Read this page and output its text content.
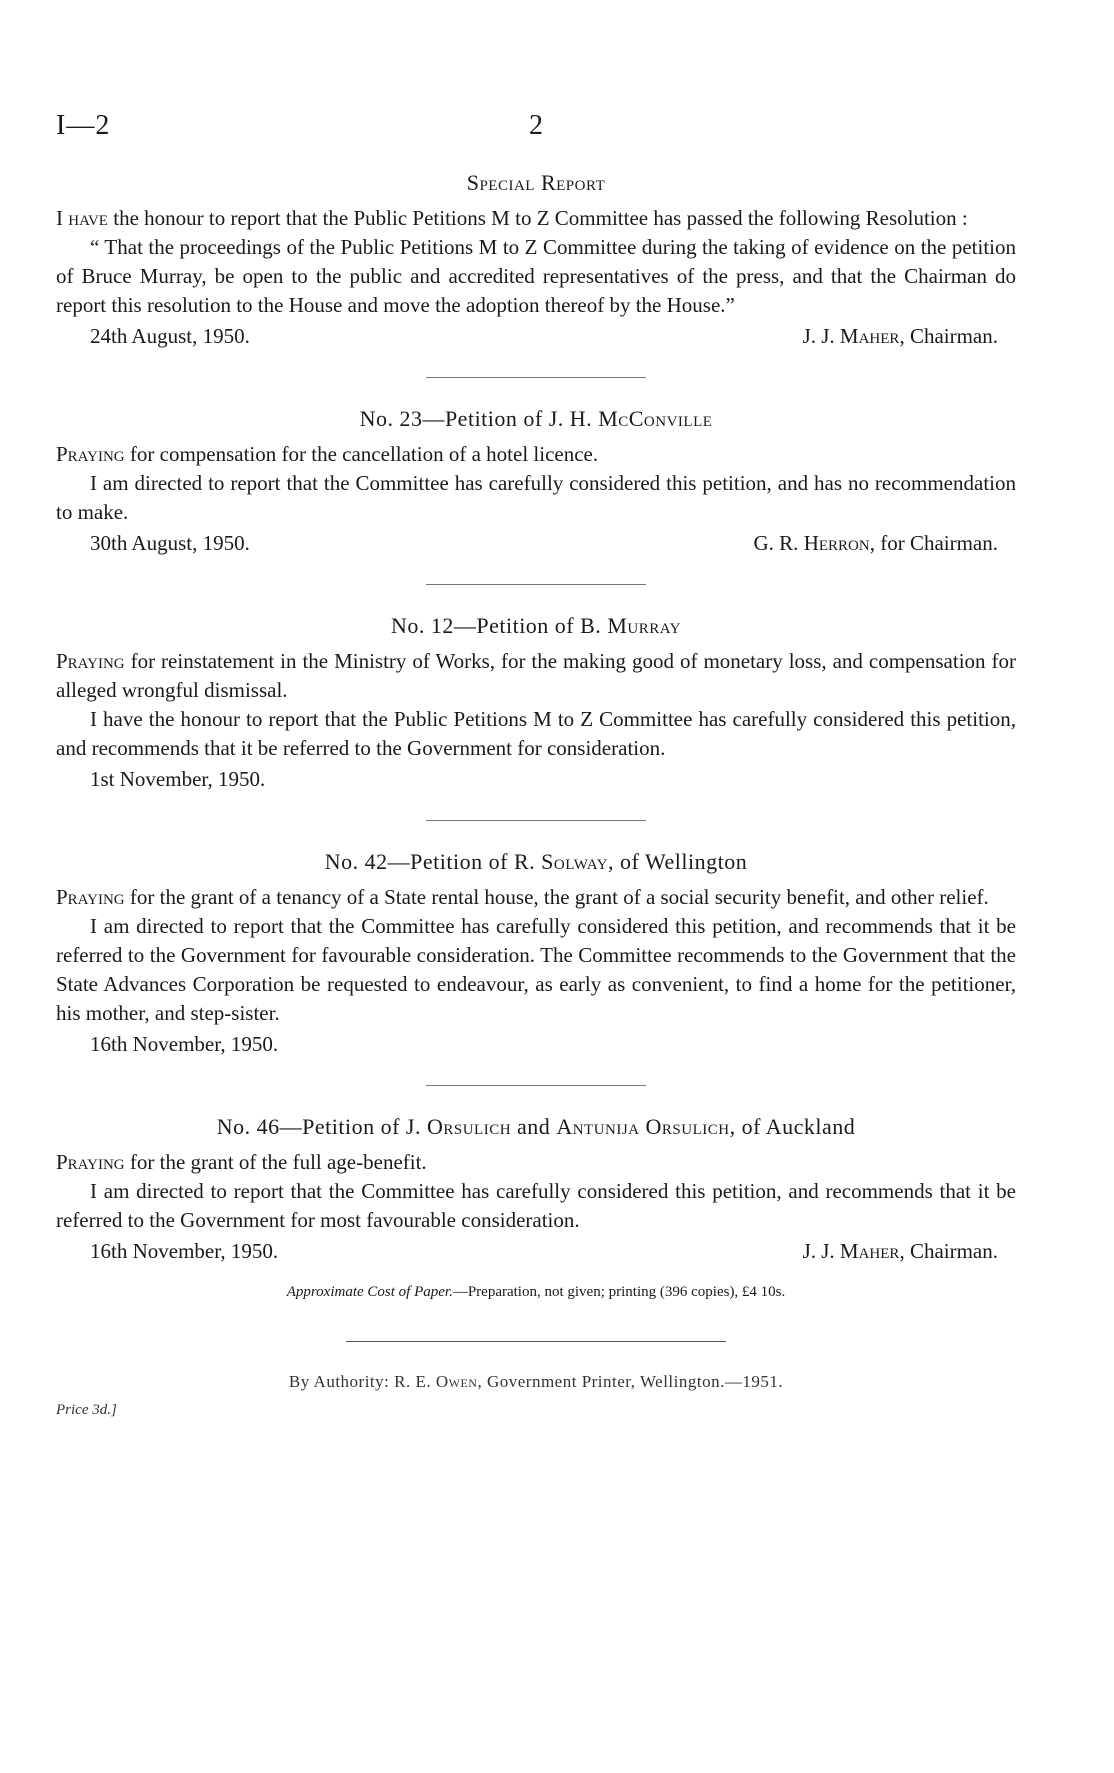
I—2	2
Special Report

I have the honour to report that the Public Petitions M to Z Committee has passed the following Resolution :

“ That the proceedings of the Public Petitions M to Z Committee during the taking of evidence on the petition of Bruce Murray, be open to the public and accredited representatives of the press, and that the Chairman do report this resolution to the House and move the adoption thereof by the House.”

24th August, 1950.	J. J. Maher, Chairman.
No. 23—Petition of J. H. McConville

Praying for compensation for the cancellation of a hotel licence.

I am directed to report that the Committee has carefully considered this petition, and has no recommendation to make.

30th August, 1950.	G. R. Herron, for Chairman.
No. 12—Petition of B. Murray

Praying for reinstatement in the Ministry of Works, for the making good of monetary loss, and compensation for alleged wrongful dismissal.

I have the honour to report that the Public Petitions M to Z Committee has carefully considered this petition, and recommends that it be referred to the Government for consideration.

1st November, 1950.
No. 42—Petition of R. Solway, of Wellington

Praying for the grant of a tenancy of a State rental house, the grant of a social security benefit, and other relief.

I am directed to report that the Committee has carefully considered this petition, and recommends that it be referred to the Government for favourable consideration. The Committee recommends to the Government that the State Advances Corporation be requested to endeavour, as early as convenient, to find a home for the petitioner, his mother, and step-sister.

16th November, 1950.
No. 46—Petition of J. Orsulich and Antunija Orsulich, of Auckland

Praying for the grant of the full age-benefit.

I am directed to report that the Committee has carefully considered this petition, and recommends that it be referred to the Government for most favourable consideration.

16th November, 1950.	J. J. Maher, Chairman.
Approximate Cost of Paper.—Preparation, not given; printing (396 copies), £4 10s.
By Authority: R. E. Owen, Government Printer, Wellington.—1951.
Price 3d.]
